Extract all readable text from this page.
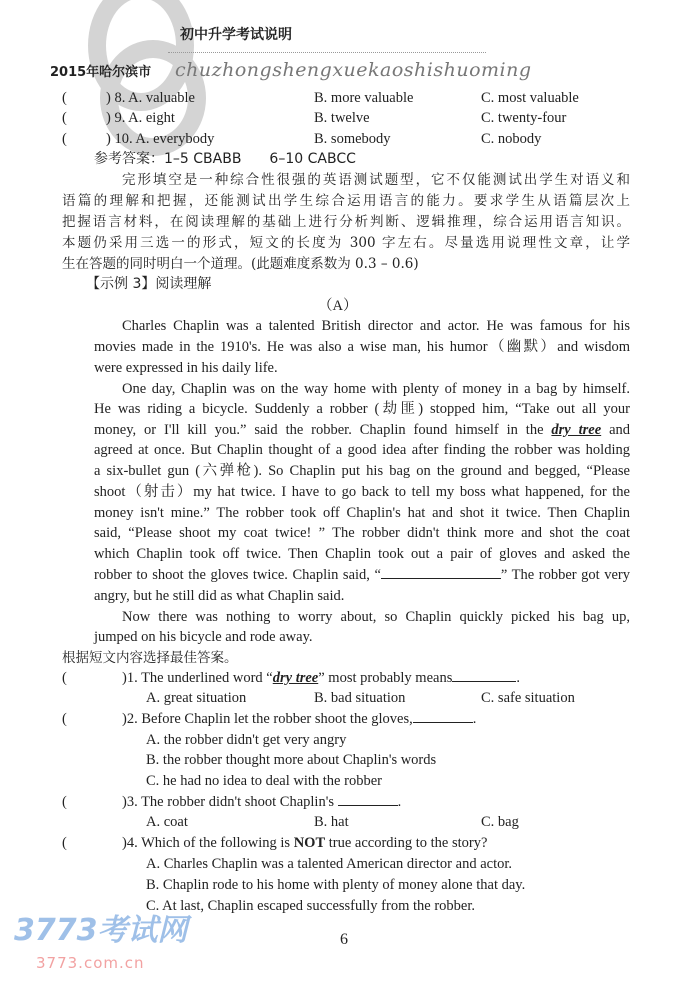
初中升学考试说明
2015年哈尔滨市 chuzhongshengxuekaoshishuoming
(	) 8. A. valuable	B. more valuable	C. most valuable
(	) 9. A. eight	B. twelve	C. twenty-four
(	) 10. A. everybody	B. somebody	C. nobody
参考答案：1–5 CBABB　　6–10 CABCC
完形填空是一种综合性很强的英语测试题型，它不仅能测试出学生对语义和
语篇的理解和把握，还能测试出学生综合运用语言的能力。要求学生从语篇层次上
把握语言材料，在阅读理解的基础上进行分析判断、逻辑推理，综合运用语言知识。
本题仍采用三选一的形式，短文的长度为 300 字左右。尽量选用说理性文章，让学
生在答题的同时明白一个道理。(此题难度系数为 0.3 – 0.6)
【示例 3】阅读理解
（A）
Charles Chaplin was a talented British director and actor. He was famous for his
movies made in the 1910's. He was also a wise man, his humor（幽默）and wisdom
were expressed in his daily life.
One day, Chaplin was on the way home with plenty of money in a bag by himself.
He was riding a bicycle. Suddenly a robber (劫匪) stopped him, “Take out all your
money, or I'll kill you.” said the robber. Chaplin found himself in the dry tree and
agreed at once. But Chaplin thought of a good idea after finding the robber was holding
a six-bullet gun (六弹枪). So Chaplin put his bag on the ground and begged, “Please
shoot（射击）my hat twice. I have to go back to tell my boss what happened, for the
money isn't mine.” The robber took off Chaplin's hat and shot it twice. Then Chaplin
said, “Please shoot my coat twice! ” The robber didn't think more and shot the coat
which Chaplin took off twice. Then Chaplin took out a pair of gloves and asked the
robber to shoot the gloves twice. Chaplin said, “	” The robber got very
angry, but he still did as what Chaplin said.
Now there was nothing to worry about, so Chaplin quickly picked his bag up,
jumped on his bicycle and rode away.
根据短文内容选择最佳答案。
(	)1. The underlined word “dry tree” most probably means	.
A. great situation	B. bad situation	C. safe situation
(	)2. Before Chaplin let the robber shoot the gloves,	.
A. the robber didn't get very angry
B. the robber thought more about Chaplin's words
C. he had no idea to deal with the robber
(	)3. The robber didn't shoot Chaplin's	.
A. coat	B. hat	C. bag
(	)4. Which of the following is NOT true according to the story?
A. Charles Chaplin was a talented American director and actor.
B. Chaplin rode to his home with plenty of money alone that day.
C. At last, Chaplin escaped successfully from the robber.
6
3773考试网
3773.com.cn
